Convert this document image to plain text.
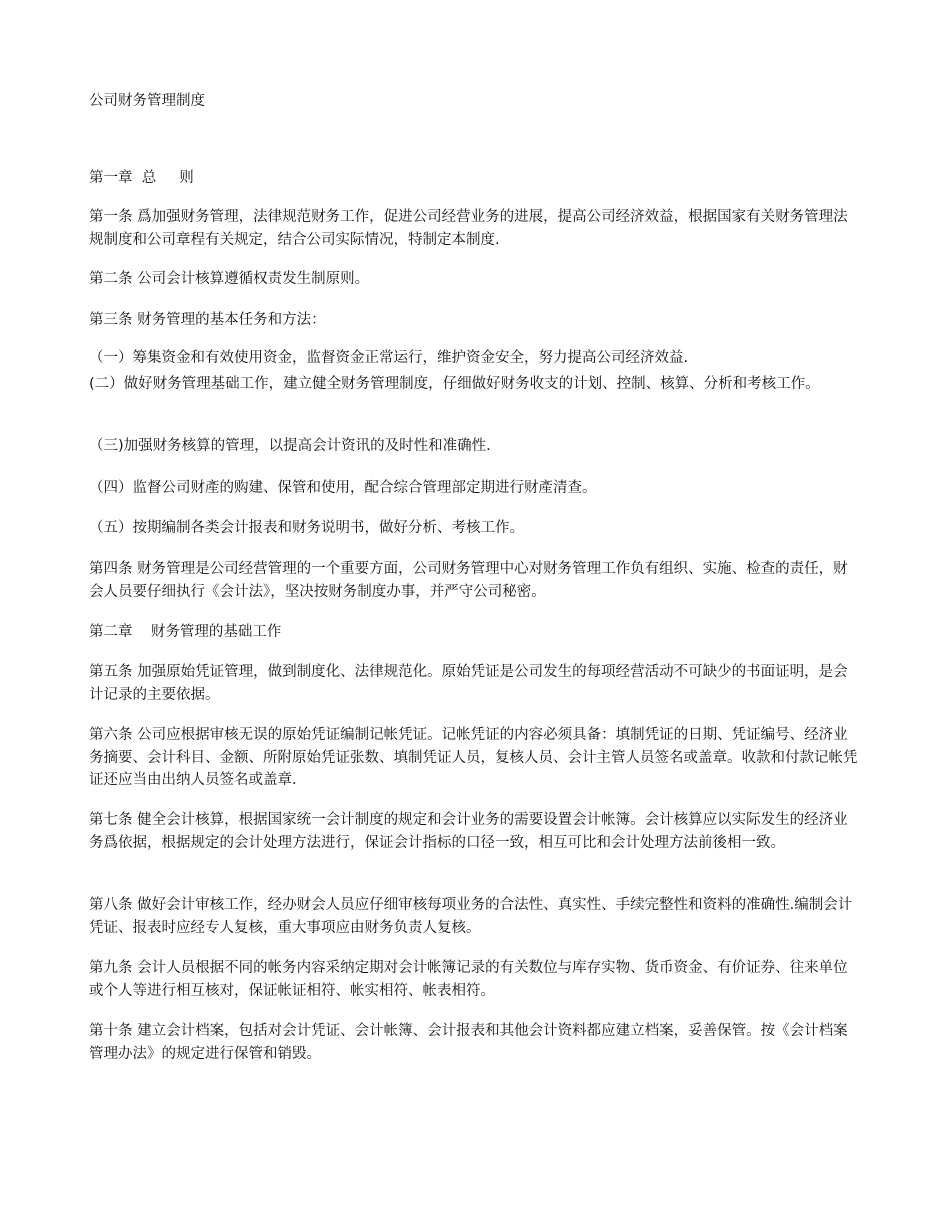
公司财务管理制度
第一章  总     则

第一条 爲加强财务管理，法律规范财务工作，促进公司经营业务的进展，提高公司经济效益，根据国家有关财务管理法规制度和公司章程有关规定，结合公司实际情况，特制定本制度.

第二条 公司会计核算遵循权责发生制原则。

第三条 财务管理的基本任务和方法：

（一）筹集资金和有效使用资金，监督资金正常运行，维护资金安全，努力提高公司经济效益.

(二）做好财务管理基础工作，建立健全财务管理制度，仔细做好财务收支的计划、控制、核算、分析和考核工作。

（三)加强财务核算的管理，以提高会计资讯的及时性和准确性.

（四）监督公司财產的购建、保管和使用，配合综合管理部定期进行财產清查。

（五）按期编制各类会计报表和财务说明书，做好分析、考核工作。

第四条 财务管理是公司经营管理的一个重要方面，公司财务管理中心对财务管理工作负有组织、实施、检查的责任，财会人员要仔细执行《会计法》，坚决按财务制度办事，并严守公司秘密。

第二章    财务管理的基础工作

第五条 加强原始凭证管理，做到制度化、法律规范化。原始凭证是公司发生的每项经营活动不可缺少的书面证明，是会计记录的主要依据。

第六条 公司应根据审核无误的原始凭证编制记帐凭证。记帐凭证的内容必须具备：填制凭证的日期、凭证编号、经济业务摘要、会计科目、金额、所附原始凭证张数、填制凭证人员，复核人员、会计主管人员签名或盖章。收款和付款记帐凭证还应当由出纳人员签名或盖章.

第七条 健全会计核算，根据国家统一会计制度的规定和会计业务的需要设置会计帐簿。会计核算应以实际发生的经济业务爲依据，根据规定的会计处理方法进行，保证会计指标的口径一致，相互可比和会计处理方法前後相一致。

第八条 做好会计审核工作，经办财会人员应仔细审核每项业务的合法性、真实性、手续完整性和资料的准确性.编制会计凭证、报表时应经专人复核，重大事项应由财务负责人复核。

第九条 会计人员根据不同的帐务内容采纳定期对会计帐簿记录的有关数位与库存实物、货币资金、有价证券、往来单位或个人等进行相互核对，保证帐证相符、帐实相符、帐表相符。

第十条 建立会计档案，包括对会计凭证、会计帐簿、会计报表和其他会计资料都应建立档案，妥善保管。按《会计档案管理办法》的规定进行保管和销毁。
